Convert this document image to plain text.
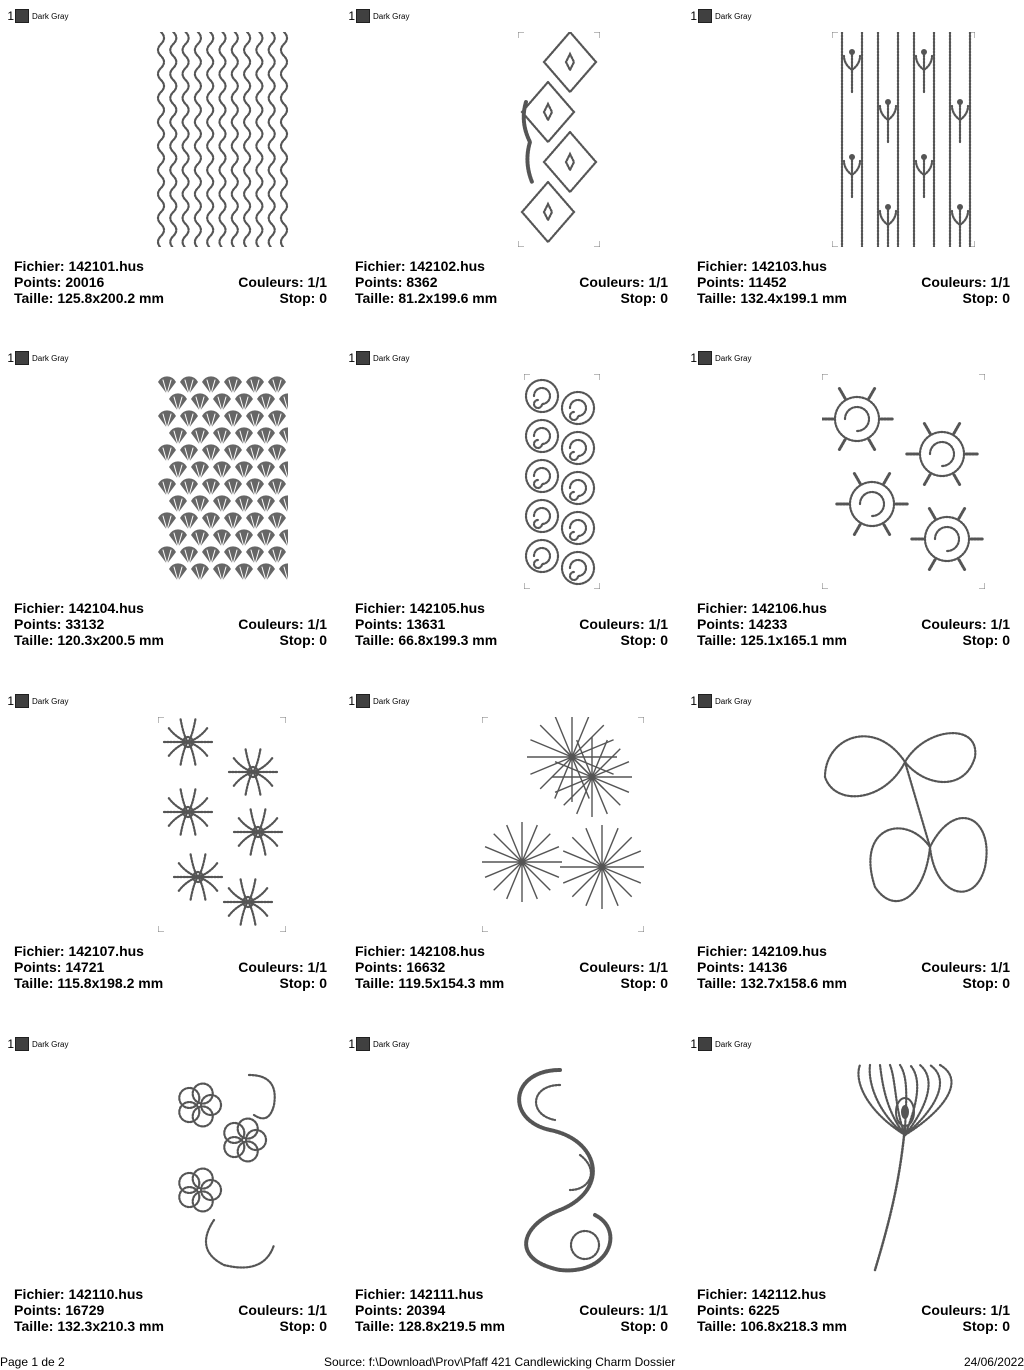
1 Dark Gray
Fichier: 142101.hus
Points: 20016	Couleurs: 1/1
Taille: 125.8x200.2 mm	Stop: 0
1 Dark Gray
Fichier: 142102.hus
Points: 8362	Couleurs: 1/1
Taille: 81.2x199.6 mm	Stop: 0
1 Dark Gray
Fichier: 142103.hus
Points: 11452	Couleurs: 1/1
Taille: 132.4x199.1 mm	Stop: 0
1 Dark Gray
Fichier: 142104.hus
Points: 33132	Couleurs: 1/1
Taille: 120.3x200.5 mm	Stop: 0
1 Dark Gray
Fichier: 142105.hus
Points: 13631	Couleurs: 1/1
Taille: 66.8x199.3 mm	Stop: 0
1 Dark Gray
Fichier: 142106.hus
Points: 14233	Couleurs: 1/1
Taille: 125.1x165.1 mm	Stop: 0
1 Dark Gray
Fichier: 142107.hus
Points: 14721	Couleurs: 1/1
Taille: 115.8x198.2 mm	Stop: 0
1 Dark Gray
Fichier: 142108.hus
Points: 16632	Couleurs: 1/1
Taille: 119.5x154.3 mm	Stop: 0
1 Dark Gray
Fichier: 142109.hus
Points: 14136	Couleurs: 1/1
Taille: 132.7x158.6 mm	Stop: 0
1 Dark Gray
Fichier: 142110.hus
Points: 16729	Couleurs: 1/1
Taille: 132.3x210.3 mm	Stop: 0
1 Dark Gray
Fichier: 142111.hus
Points: 20394	Couleurs: 1/1
Taille: 128.8x219.5 mm	Stop: 0
1 Dark Gray
Fichier: 142112.hus
Points: 6225	Couleurs: 1/1
Taille: 106.8x218.3 mm	Stop: 0
Page 1 de 2	Source: f:\Download\Prov\Pfaff 421 Candlewicking Charm Dossier	24/06/2022
